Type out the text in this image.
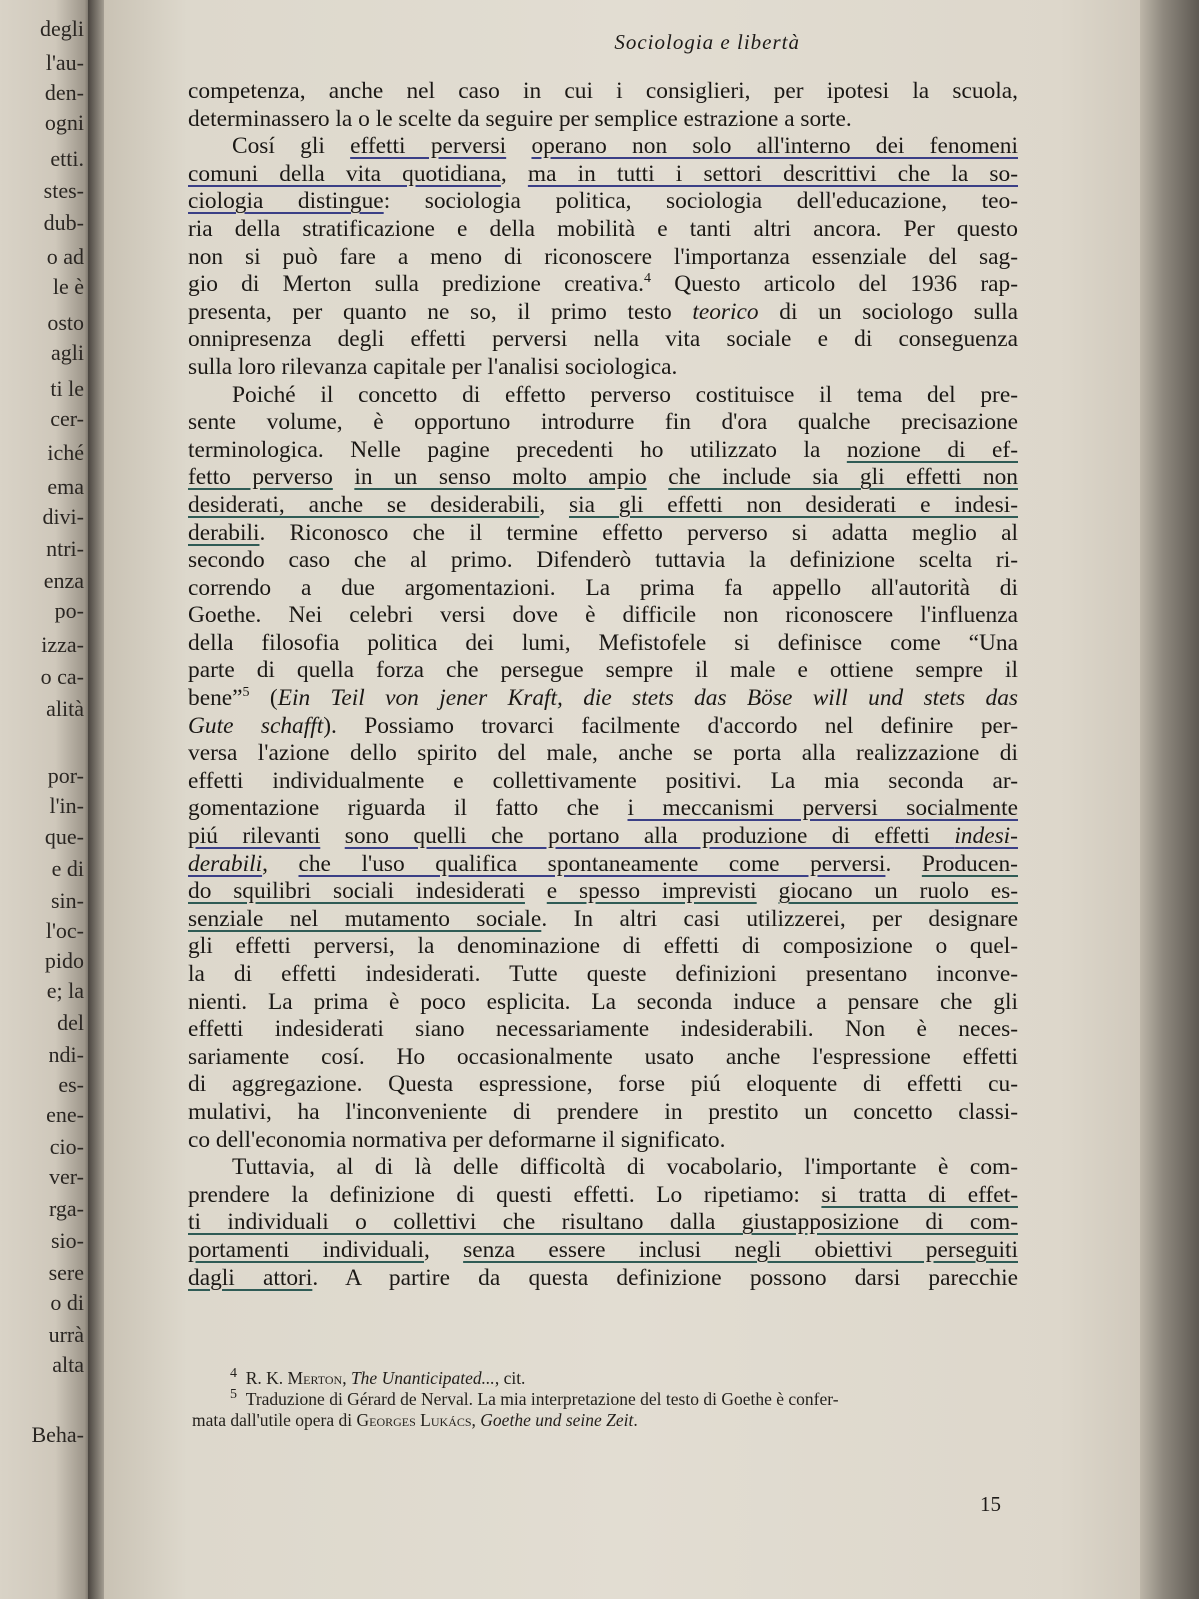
degli
l'au-
den-
ogni
etti.
stes-
dub-
o ad
le è
osto
agli
ti le
cer-
iché
ema
divi-
ntri-
enza
po-
izza-
o ca-
alità
por-
l'in-
que-
e di
sin-
l'oc-
pido
e; la
del
ndi-
es-
ene-
cio-
ver-
rga-
sio-
sere
o di
urrà
alta
Beha-
Sociologia e libertà
competenza, anche nel caso in cui i consiglieri, per ipotesi la scuola,
determinassero la o le scelte da seguire per semplice estrazione a sorte.
Cosí gli effetti perversi operano non solo all'interno dei fenomeni
comuni della vita quotidiana, ma in tutti i settori descrittivi che la so-
ciologia distingue: sociologia politica, sociologia dell'educazione, teo-
ria della stratificazione e della mobilità e tanti altri ancora. Per questo
non si può fare a meno di riconoscere l'importanza essenziale del sag-
gio di Merton sulla predizione creativa.$^4$ Questo articolo del 1936 rap-
presenta, per quanto ne so, il primo testo teorico di un sociologo sulla
onnipresenza degli effetti perversi nella vita sociale e di conseguenza
sulla loro rilevanza capitale per l'analisi sociologica.
Poiché il concetto di effetto perverso costituisce il tema del pre-
sente volume, è opportuno introdurre fin d'ora qualche precisazione
terminologica. Nelle pagine precedenti ho utilizzato la nozione di ef-
fetto perverso in un senso molto ampio che include sia gli effetti non
desiderati, anche se desiderabili, sia gli effetti non desiderati e indesi-
derabili. Riconosco che il termine effetto perverso si adatta meglio al
secondo caso che al primo. Difenderò tuttavia la definizione scelta ri-
correndo a due argomentazioni. La prima fa appello all'autorità di
Goethe. Nei celebri versi dove è difficile non riconoscere l'influenza
della filosofia politica dei lumi, Mefistofele si definisce come “Una
parte di quella forza che persegue sempre il male e ottiene sempre il
bene”$^5$ (Ein Teil von jener Kraft, die stets das Böse will und stets das
Gute schafft). Possiamo trovarci facilmente d'accordo nel definire per-
versa l'azione dello spirito del male, anche se porta alla realizzazione di
effetti individualmente e collettivamente positivi. La mia seconda ar-
gomentazione riguarda il fatto che i meccanismi perversi socialmente
piú rilevanti sono quelli che portano alla produzione di effetti indesi-
derabili, che l'uso qualifica spontaneamente come perversi. Producen-
do squilibri sociali indesiderati e spesso imprevisti giocano un ruolo es-
senziale nel mutamento sociale. In altri casi utilizzerei, per designare
gli effetti perversi, la denominazione di effetti di composizione o quel-
la di effetti indesiderati. Tutte queste definizioni presentano inconve-
nienti. La prima è poco esplicita. La seconda induce a pensare che gli
effetti indesiderati siano necessariamente indesiderabili. Non è neces-
sariamente cosí. Ho occasionalmente usato anche l'espressione effetti
di aggregazione. Questa espressione, forse piú eloquente di effetti cu-
mulativi, ha l'inconveniente di prendere in prestito un concetto classi-
co dell'economia normativa per deformarne il significato.
Tuttavia, al di là delle difficoltà di vocabolario, l'importante è com-
prendere la definizione di questi effetti. Lo ripetiamo: si tratta di effet-
ti individuali o collettivi che risultano dalla giustapposizione di com-
portamenti individuali, senza essere inclusi negli obiettivi perseguiti
dagli attori. A partire da questa definizione possono darsi parecchie
$^4$ R. K. Merton, The Unanticipated..., cit.
$^5$ Traduzione di Gérard de Nerval. La mia interpretazione del testo di Goethe è confer-
mata dall'utile opera di Georges Lukács, Goethe und seine Zeit.
15
